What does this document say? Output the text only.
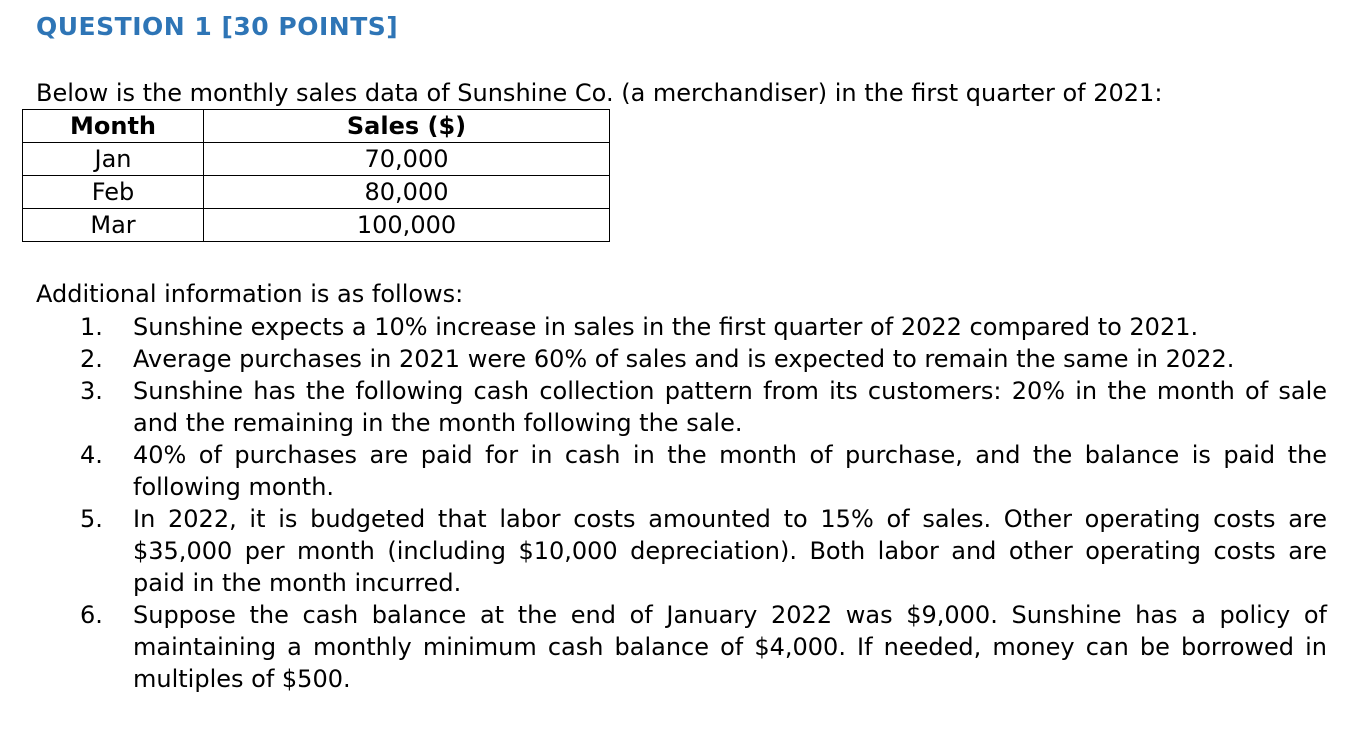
QUESTION 1 [30 POINTS]
Below is the monthly sales data of Sunshine Co. (a merchandiser) in the first quarter of 2021:
Month	Sales ($)
Jan	70,000
Feb	80,000
Mar	100,000
Additional information is as follows:
1. Sunshine expects a 10% increase in sales in the first quarter of 2022 compared to 2021.
2. Average purchases in 2021 were 60% of sales and is expected to remain the same in 2022.
3. Sunshine has the following cash collection pattern from its customers: 20% in the month of sale and the remaining in the month following the sale.
4. 40% of purchases are paid for in cash in the month of purchase, and the balance is paid the following month.
5. In 2022, it is budgeted that labor costs amounted to 15% of sales. Other operating costs are $35,000 per month (including $10,000 depreciation). Both labor and other operating costs are paid in the month incurred.
6. Suppose the cash balance at the end of January 2022 was $9,000. Sunshine has a policy of maintaining a monthly minimum cash balance of $4,000. If needed, money can be borrowed in multiples of $500.
